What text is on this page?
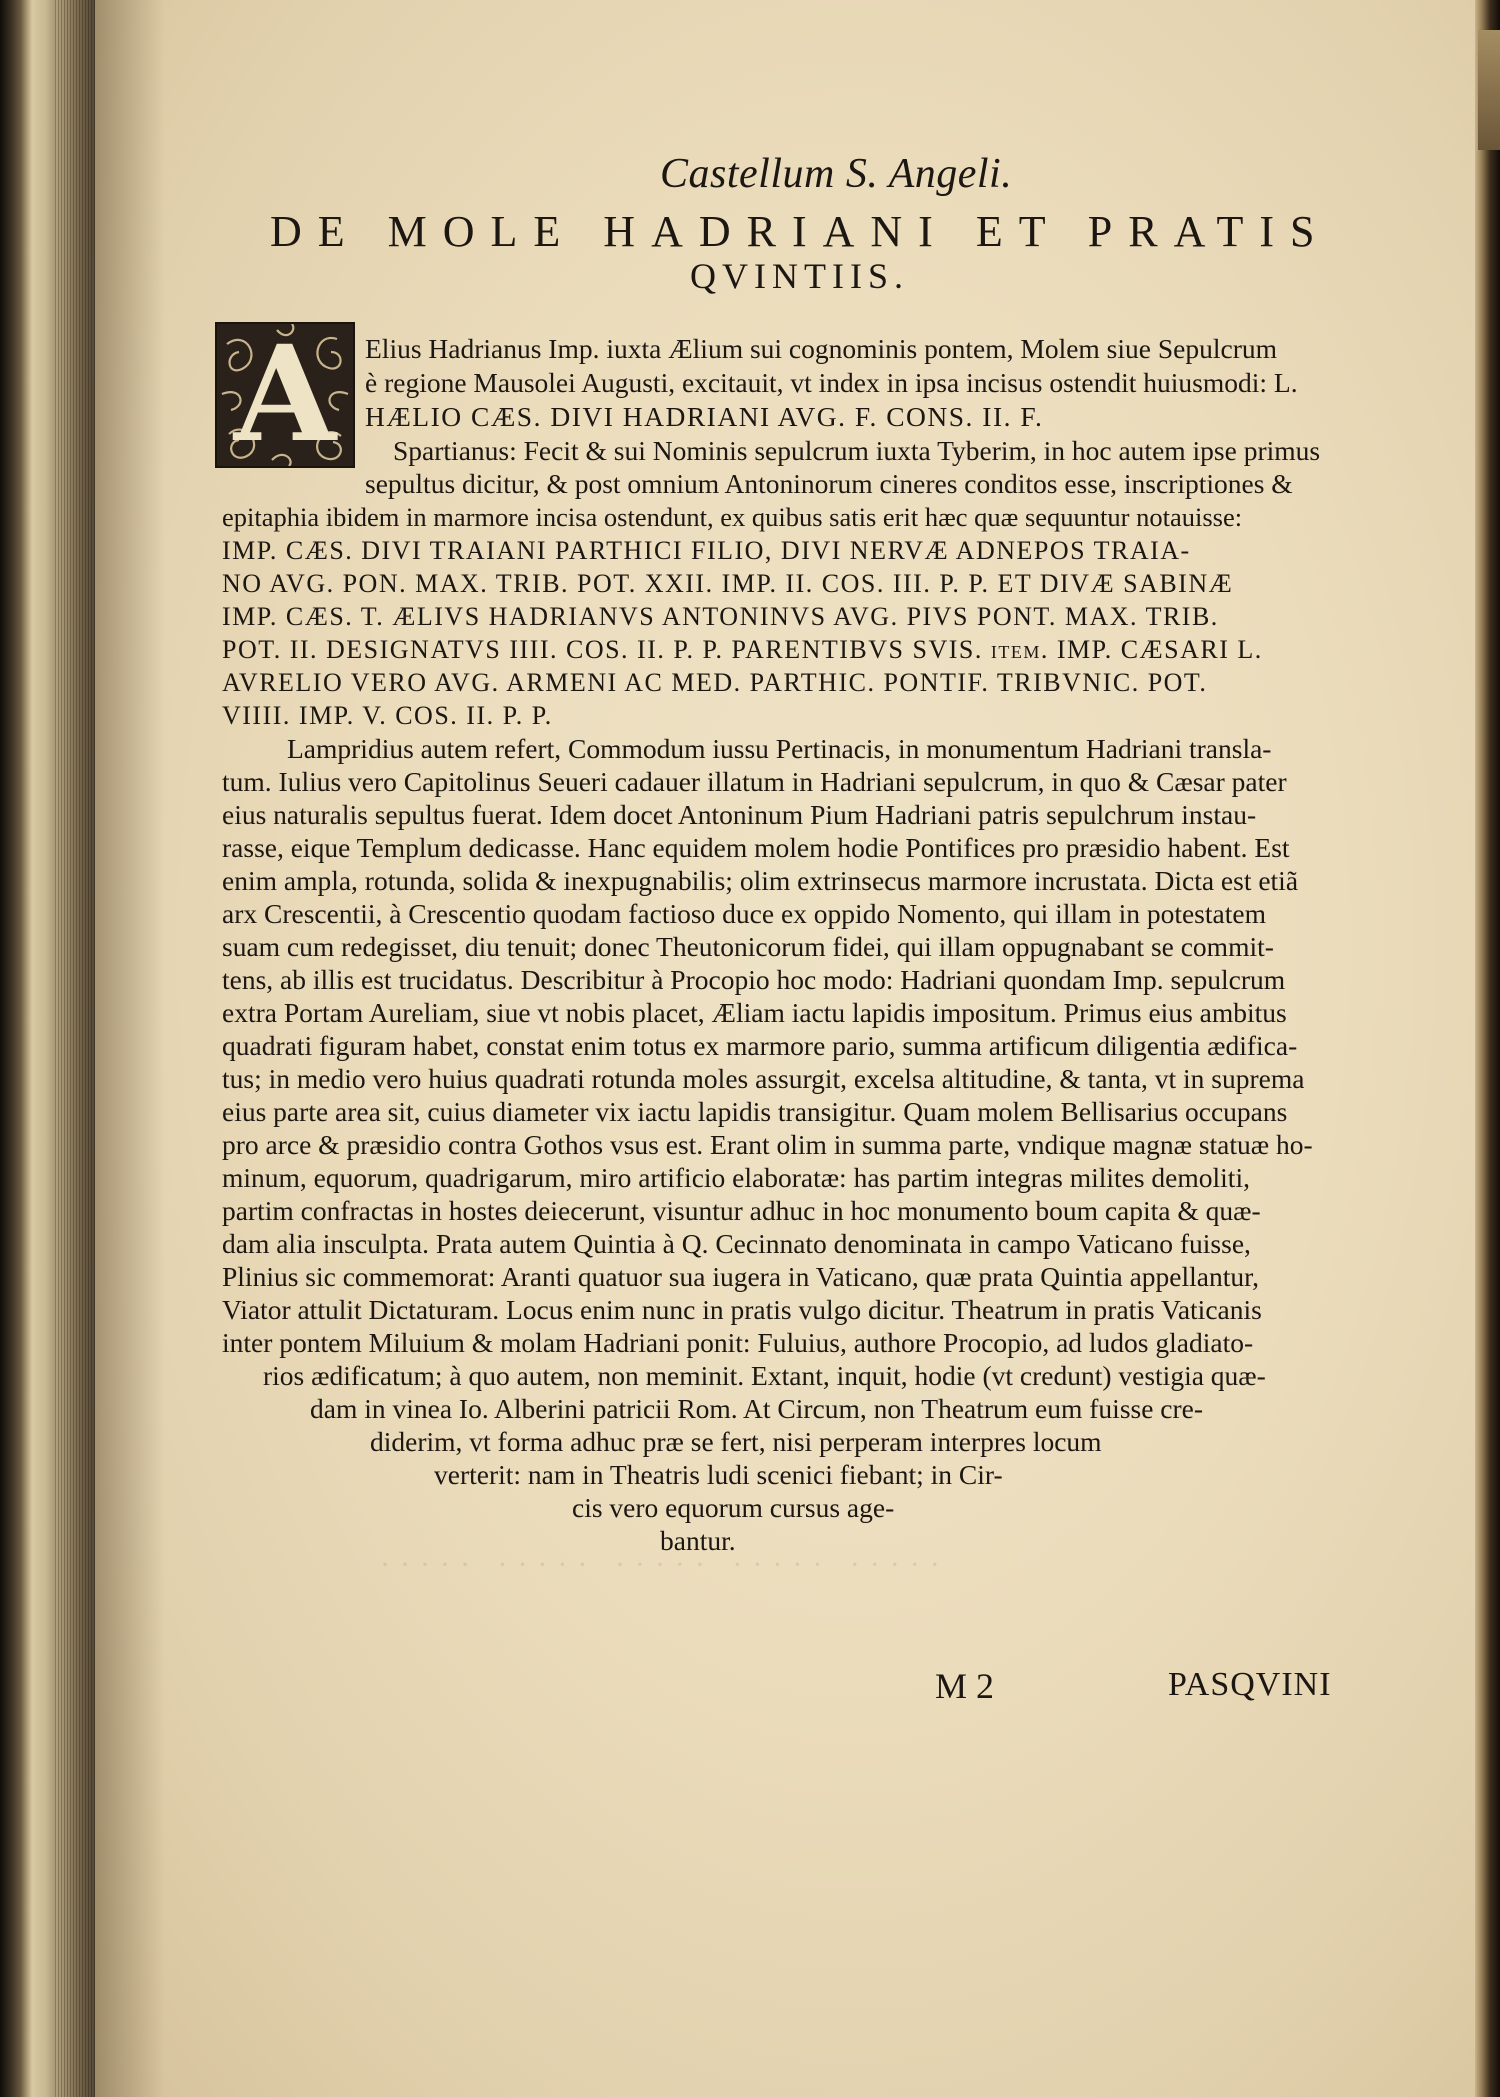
····· ····· ····· ····· ·····
Castellum S. Angeli.
DE MOLE HADRIANI ET PRATIS
QVINTIIS.
A	Elius Hadrianus Imp. iuxta Ælium sui cognominis pontem, Molem siue Sepulcrum
è regione Mausolei Augusti, excitauit, vt index in ipsa incisus ostendit huiusmodi: L.
HÆLIO CÆS. DIVI HADRIANI AVG. F. CONS. II. F.
Spartianus: Fecit & sui Nominis sepulcrum iuxta Tyberim, in hoc autem ipse primus
sepultus dicitur, & post omnium Antoninorum cineres conditos esse, inscriptiones &
epitaphia ibidem in marmore incisa ostendunt, ex quibus satis erit hæc quæ sequuntur notauisse:
IMP. CÆS. DIVI TRAIANI PARTHICI FILIO, DIVI NERVÆ ADNEPOS TRAIA-
NO AVG. PON. MAX. TRIB. POT. XXII. IMP. II. COS. III. P. P. ET DIVÆ SABINÆ
IMP. CÆS. T. ÆLIVS HADRIANVS ANTONINVS AVG. PIVS PONT. MAX. TRIB.
POT. II. DESIGNATVS IIII. COS. II. P. P. PARENTIBVS SVIS. item. IMP. CÆSARI L.
AVRELIO VERO AVG. ARMENI AC MED. PARTHIC. PONTIF. TRIBVNIC. POT.
VIIII. IMP. V. COS. II. P. P.
Lampridius autem refert, Commodum iussu Pertinacis, in monumentum Hadriani transla-
tum. Iulius vero Capitolinus Seueri cadauer illatum in Hadriani sepulcrum, in quo & Cæsar pater
eius naturalis sepultus fuerat. Idem docet Antoninum Pium Hadriani patris sepulchrum instau-
rasse, eique Templum dedicasse. Hanc equidem molem hodie Pontifices pro præsidio habent. Est
enim ampla, rotunda, solida & inexpugnabilis; olim extrinsecus marmore incrustata. Dicta est etiã
arx Crescentii, à Crescentio quodam factioso duce ex oppido Nomento, qui illam in potestatem
suam cum redegisset, diu tenuit; donec Theutonicorum fidei, qui illam oppugnabant se commit-
tens, ab illis est trucidatus. Describitur à Procopio hoc modo: Hadriani quondam Imp. sepulcrum
extra Portam Aureliam, siue vt nobis placet, Æliam iactu lapidis impositum. Primus eius ambitus
quadrati figuram habet, constat enim totus ex marmore pario, summa artificum diligentia ædifica-
tus; in medio vero huius quadrati rotunda moles assurgit, excelsa altitudine, & tanta, vt in suprema
eius parte area sit, cuius diameter vix iactu lapidis transigitur. Quam molem Bellisarius occupans
pro arce & præsidio contra Gothos vsus est. Erant olim in summa parte, vndique magnæ statuæ ho-
minum, equorum, quadrigarum, miro artificio elaboratæ: has partim integras milites demoliti,
partim confractas in hostes deiecerunt, visuntur adhuc in hoc monumento boum capita & quæ-
dam alia insculpta. Prata autem Quintia à Q. Cecinnato denominata in campo Vaticano fuisse,
Plinius sic commemorat: Aranti quatuor sua iugera in Vaticano, quæ prata Quintia appellantur,
Viator attulit Dictaturam. Locus enim nunc in pratis vulgo dicitur. Theatrum in pratis Vaticanis
inter pontem Miluium & molam Hadriani ponit: Fuluius, authore Procopio, ad ludos gladiato-
rios ædificatum; à quo autem, non meminit. Extant, inquit, hodie (vt credunt) vestigia quæ-
dam in vinea Io. Alberini patricii Rom. At Circum, non Theatrum eum fuisse cre-
diderim, vt forma adhuc præ se fert, nisi perperam interpres locum
verterit: nam in Theatris ludi scenici fiebant; in Cir-
cis vero equorum cursus age-
bantur.
M 2	PASQVINI
